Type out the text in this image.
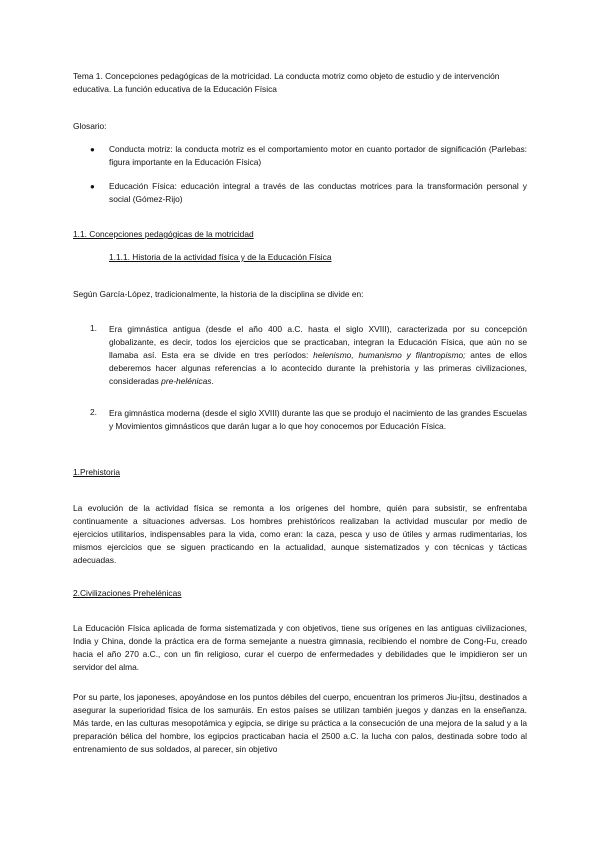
Tema 1. Concepciones pedagógicas de la motricidad. La conducta motriz como objeto de estudio y de intervención educativa. La función educativa de la Educación Física

Glosario:

● Conducta motriz: la conducta motriz es el comportamiento motor en cuanto portador de significación (Parlebas: figura importante en la Educación Física)

● Educación Física: educación integral a través de las conductas motrices para la transformación personal y social (Gómez-Rijo)

1.1. Concepciones pedagógicas de la motricidad

1.1.1. Historia de la actividad física y de la Educación Física

Según García-López, tradicionalmente, la historia de la disciplina se divide en:

1. Era gimnástica antigua (desde el año 400 a.C. hasta el siglo XVIII), caracterizada por su concepción globalizante, es decir, todos los ejercicios que se practicaban, integran la Educación Física, que aún no se llamaba así. Esta era se divide en tres períodos: helenismo, humanismo y filantropismo; antes de ellos deberemos hacer algunas referencias a lo acontecido durante la prehistoria y las primeras civilizaciones, consideradas pre-helénicas.

2. Era gimnástica moderna (desde el siglo XVIII) durante las que se produjo el nacimiento de las grandes Escuelas y Movimientos gimnásticos que darán lugar a lo que hoy conocemos por Educación Física.

1.Prehistoria

La evolución de la actividad física se remonta a los orígenes del hombre, quién para subsistir, se enfrentaba continuamente a situaciones adversas. Los hombres prehistóricos realizaban la actividad muscular por medio de ejercicios utilitarios, indispensables para la vida, como eran: la caza, pesca y uso de útiles y armas rudimentarias, los mismos ejercicios que se siguen practicando en la actualidad, aunque sistematizados y con técnicas y tácticas adecuadas.

2.Civilizaciones Prehelénicas

La Educación Física aplicada de forma sistematizada y con objetivos, tiene sus orígenes en las antiguas civilizaciones, India y China, donde la práctica era de forma semejante a nuestra gimnasia, recibiendo el nombre de Cong-Fu, creado hacia el año 270 a.C., con un fin religioso, curar el cuerpo de enfermedades y debilidades que le impidieron ser un servidor del alma.

Por su parte, los japoneses, apoyándose en los puntos débiles del cuerpo, encuentran los primeros Jiu-jitsu, destinados a asegurar la superioridad física de los samuráis. En estos países se utilizan también juegos y danzas en la enseñanza. Más tarde, en las culturas mesopotámica y egipcia, se dirige su práctica a la consecución de una mejora de la salud y a la preparación bélica del hombre, los egipcios practicaban hacia el 2500 a.C. la lucha con palos, destinada sobre todo al entrenamiento de sus soldados, al parecer, sin objetivo
